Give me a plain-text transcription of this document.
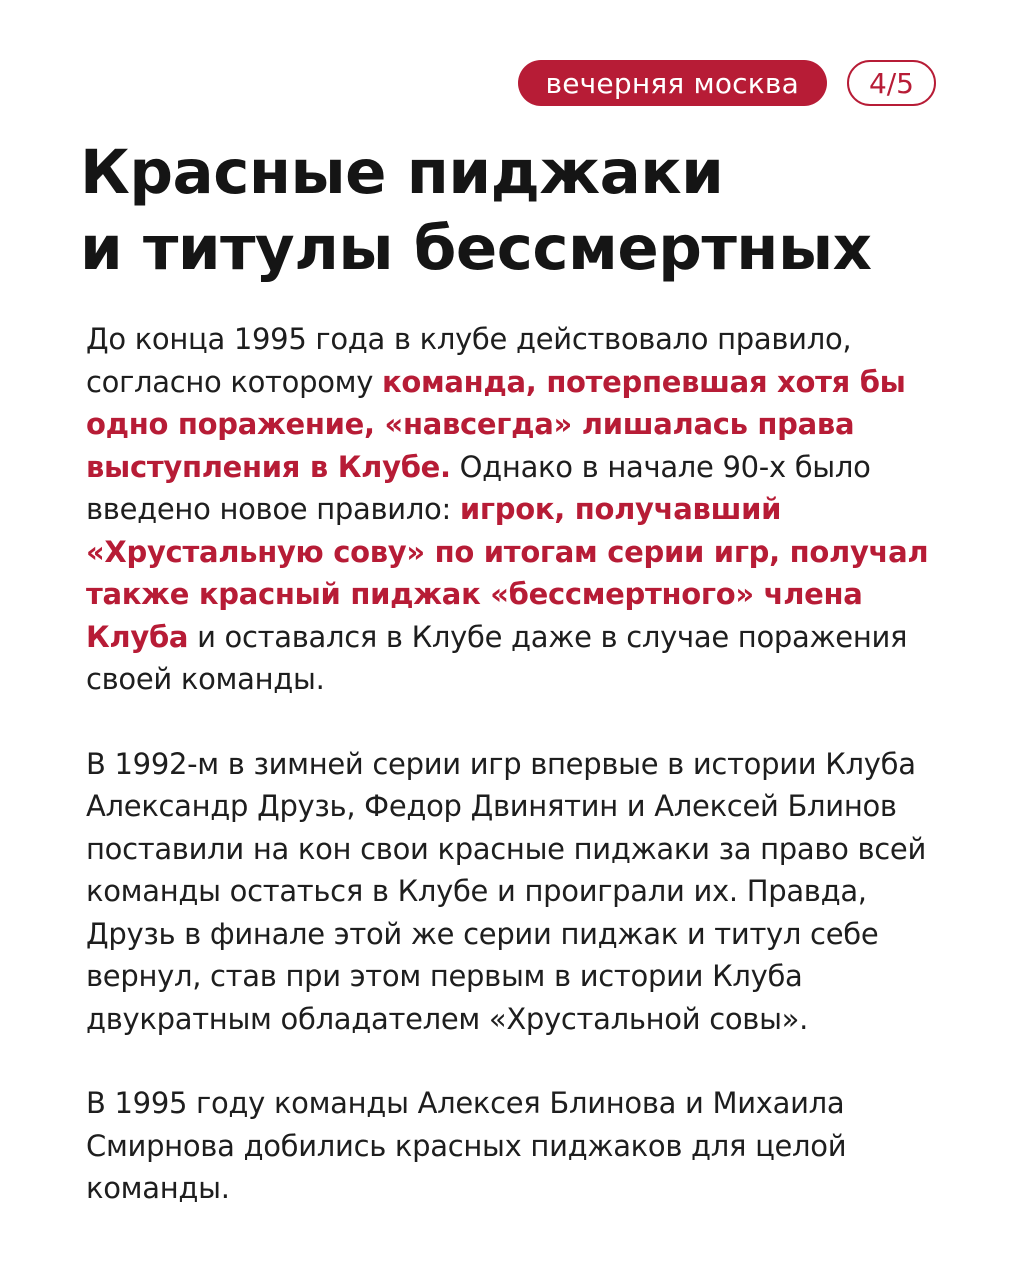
вечерняя москва	4/5
Красные пиджаки
и титулы бессмертных

До конца 1995 года в клубе действовало правило, согласно которому команда, потерпевшая хотя бы одно поражение, «навсегда» лишалась права выступления в Клубе. Однако в начале 90-х было введено новое правило: игрок, получавший «Хрустальную сову» по итогам серии игр, получал также красный пиджак «бессмертного» члена Клуба и оставался в Клубе даже в случае поражения своей команды.

В 1992-м в зимней серии игр впервые в истории Клуба Александр Друзь, Федор Двинятин и Алексей Блинов поставили на кон свои красные пиджаки за право всей команды остаться в Клубе и проиграли их. Правда, Друзь в финале этой же серии пиджак и титул себе вернул, став при этом первым в истории Клуба двукратным обладателем «Хрустальной совы».

В 1995 году команды Алексея Блинова и Михаила Смирнова добились красных пиджаков для целой команды.
